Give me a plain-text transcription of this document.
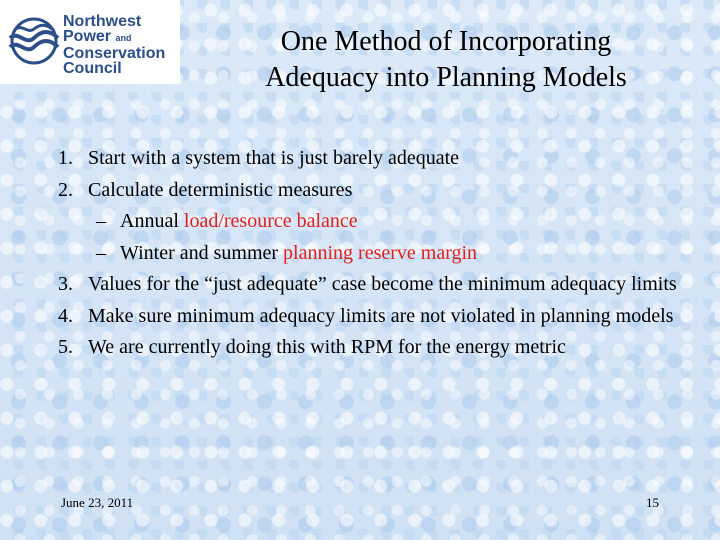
Northwest
Power and
Conservation
Council
One Method of Incorporating
Adequacy into Planning Models
1. Start with a system that is just barely adequate
2. Calculate deterministic measures
– Annual load/resource balance
– Winter and summer planning reserve margin
3. Values for the “just adequate” case become the minimum adequacy limits
4. Make sure minimum adequacy limits are not violated in planning models
5. We are currently doing this with RPM for the energy metric
June 23, 2011	15
